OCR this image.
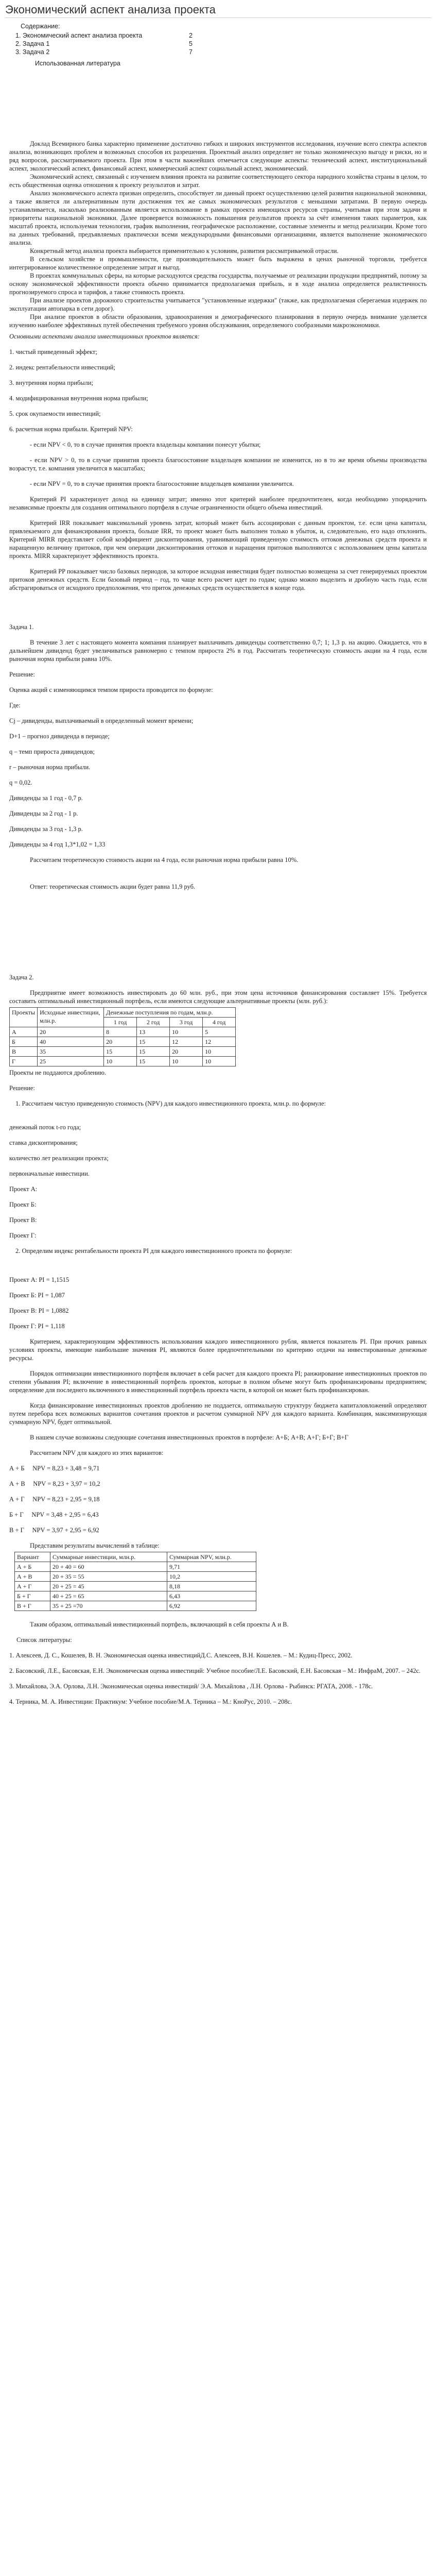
Экономический аспект анализа проекта
Содержание:
1.
Экономический аспект анализа проекта	2
2.
Задача 1	5
3.
Задача 2	7
Использованная литература

Доклад Всемирного банка характерно применение достаточно гибких и широких инструментов исследования, изучение всего спектра аспектов анализа, возникающих проблем и возможных способов их разрешения. Проектный анализ определяет не только экономическую выгоду и риски, но и ряд вопросов, рассматриваемого проекта. При этом в части важнейших отмечается следующие аспекты: технический аспект, институциональный аспект, экологический аспект, финансовый аспект, коммерческий аспект социальный аспект, экономический.

Экономический аспект, связанный с изучением влияния проекта на развитие соответствующего сектора народного хозяйства страны в целом, то есть общественная оценка отношения к проекту результатов и затрат.

Анализ экономического аспекта призван определить, способствует ли данный проект осуществлению целей развития национальной экономики, а также является ли альтернативным пути достижения тех же самых экономических результатов с меньшими затратами. В первую очередь устанавливается, насколько реализованным является использование в рамках проекта имеющихся ресурсов страны, учитывая при этом задачи и приоритеты национальной экономики. Далее проверяется возможность повышения результатов проекта за счёт изменения таких параметров, как масштаб проекта, используемая технология, график выполнения, географическое расположение, составные элементы и метод реализации. Кроме того на данных требований, предъявляемых практически всеми международными финансовыми организациями, является выполнение экономического анализа.

Конкретный метод анализа проекта выбирается применительно к условиям, развития рассматриваемой отрасли.

В сельском хозяйстве и промышленности, где производительность может быть выражена в ценах рыночной торговли, требуется интегрированное количественное определение затрат и выгод.

В проектах коммунальных сферы, на которые расходуются средства государства, получаемые от реализации продукции предприятий, потому за основу экономической эффективности проекта обычно принимается предполагаемая прибыль, и в ходе анализа определяется реалистичность прогнозируемого спроса и тарифов, а также стоимость проекта.

При анализе проектов дорожного строительства учитывается "установленные издержки" (также, как предполагаемая сберегаемая издержек по эксплуатации автопарка в сети дорог).

При анализе проектов в области образования, здравоохранения и демографического планирования в первую очередь внимание уделяется изучению наиболее эффективных путей обеспечения требуемого уровня обслуживания, определяемого сообразными макроэкономики.

Основными аспектами анализа инвестиционных проектов является:

1. чистый приведенный эффект;

2. индекс рентабельности инвестиций;

3. внутренняя норма прибыли;

4. модифицированная внутренняя норма прибыли;

5. срок окупаемости инвестиций;

6. расчетная норма прибыли. Критерий NPV:

- если NPV < 0, то в случае принятия проекта владельцы компании понесут убытки;

- если NPV > 0, то в случае принятия проекта благосостояние владельцев компании не изменится, но в то же время объемы производства возрастут, т.е. компания увеличится в масштабах;

- если NPV = 0, то в случае принятия проекта благосостояние владельцев компании увеличится.

Критерий PI характеризует доход на единицу затрат; именно этот критерий наиболее предпочтителен, когда необходимо упорядочить независимые проекты для создания оптимального портфеля в случае ограниченности общего объема инвестиций.

Критерий IRR показывает максимальный уровень затрат, который может быть ассоциирован с данным проектом, т.е. если цена капитала, привлекаемого для финансирования проекта, больше IRR, то проект может быть выполнен только в убыток, и, следовательно, его надо отклонить. Критерий MIRR представляет собой коэффициент дисконтирования, уравнивающий приведенную стоимость оттоков денежных средств проекта и наращенную величину притоков, при чем операции дисконтирования оттоков и наращения притоков выполняются с использованием цены капитала проекта. MIRR характеризует эффективность проекта.

Критерий PP показывает число базовых периодов, за которое исходная инвестиция будет полностью возмещена за счет генерируемых проектом притоков денежных средств. Если базовый период – год, то чаще всего расчет идет по годам; однако можно выделить и дробную часть года, если абстрагироваться от исходного предположения, что приток денежных средств осуществляется в конце года.

Задача 1.

В течение 3 лет с настоящего момента компания планирует выплачивать дивиденды соответственно 0,7; 1; 1,3 р. на акцию. Ожидается, что в дальнейшем дивиденд будет увеличиваться равномерно с темпом прироста 2% в год. Рассчитать теоретическую стоимость акции на 4 года, если рыночная норма прибыли равна 10%.

Решение:

Оценка акций с изменяющимся темпом прироста проводится по формуле:

Где:

Cj – дивиденды, выплачиваемый в определенный момент времени;

D+1 – прогноз дивиденда в периоде;

q – темп прироста дивидендов;

r – рыночная норма прибыли.

q = 0,02.

Дивиденды за 1 год - 0,7 р.

Дивиденды за 2 год - 1 р.

Дивиденды за 3 год - 1,3 р.

Дивиденды за 4 год 1,3*1,02 = 1,33

Рассчитаем теоретическую стоимость акции на 4 года, если рыночная норма прибыли равна 10%.

Ответ: теоретическая стоимость акции будет равна 11,9 руб.

Задача 2.

Предприятие имеет возможность инвестировать до 60 млн. руб., при этом цена источников финансирования составляет 15%. Требуется составить оптимальный инвестиционный портфель, если имеются следующие альтернативные проекты (млн. руб.):

Проекты	Исходные инвестиции, млн.р.	Денежные поступления по годам, млн.р.			
		1 год	2 год	3 год	4 год
А	20	8	13	10	5
Б	40	20	15	12	12
В	35	15	15	20	10
Г	25	10	15	10	10

Проекты не поддаются дроблению.

Решение:

1. Рассчитаем чистую приведенную стоимость (NPV) для каждого инвестиционного проекта, млн.р. по формуле:

денежный поток t-го года;

ставка дисконтирования;

количество лет реализации проекта;

первоначальные инвестиции.

Проект А:

Проект Б:

Проект В:

Проект Г:

2. Определим индекс рентабельности проекта PI для каждого инвестиционного проекта по формуле:

Проект А: PI = 1,1515

Проект Б: PI = 1,087

Проект В: PI = 1,0882

Проект Г: PI = 1,118

Критерием, характеризующим эффективность использования каждого инвестиционного рубля, является показатель PI. При прочих равных условиях проекты, имеющие наибольшие значения PI, являются более предпочтительными по критерию отдачи на инвестированные денежные ресурсы.

Порядок оптимизации инвестиционного портфеля включает в себя расчет для каждого проекта PI; ранжирование инвестиционных проектов по степени убывания PI; включение в инвестиционный портфель проектов, которые в полном объеме могут быть профинансированы предприятием; определение для последнего включенного в инвестиционный портфель проекта части, в которой он может быть профинансирован.

Когда финансирование инвестиционных проектов дроблению не поддается, оптимальную структуру бюджета капиталовложений определяют путем перебора всех возможных вариантов сочетания проектов и расчетом суммарной NPV для каждого варианта. Комбинация, максимизирующая суммарную NPV, будет оптимальной.

В нашем случае возможны следующие сочетания инвестиционных проектов в портфеле: А+Б; А+В; А+Г; Б+Г; В+Г

Рассчитаем NPV для каждого из этих вариантов:

А + Б     NPV = 8,23 + 3,48 = 9,71

А + В     NPV = 8,23 + 3,97 = 10,2

А + Г     NPV = 8,23 + 2,95 = 9,18

Б + Г     NPV = 3,48 + 2,95 = 6,43

В + Г     NPV = 3,97 + 2,95 = 6,92

Представим результаты вычислений в таблице:

Вариант	Суммарные инвестиции, млн.р.	Суммарная NPV, млн.р.
А + Б	20 + 40 = 60	9,71
А + В	20 + 35 = 55	10,2
А + Г	20 + 25 = 45	8,18
Б + Г	40 + 25 = 65	6,43
В + Г	35 + 25 =70	6,92

Таким образом, оптимальный инвестиционный портфель, включающий в себя проекты А и В.

Список литературы:

1. Алексеев, Д. С., Кошелев, В. Н. Экономическая оценка инвестицийД.С. Алексеев, В.Н. Кошелев. – М.: Кудиц-Пресс, 2002.

2. Басовский, Л.Е., Басовская, Е.Н. Экономическая оценка инвестиций: Учебное пособие/Л.Е. Басовский, Е.Н. Басовская – М.: ИнфраМ, 2007. – 242с.

3. Михайлова, Э.А. Орлова, Л.Н. Экономическая оценка инвестиций/ Э.А. Михайлова , Л.Н. Орлова - Рыбинск: РГАТА, 2008. - 178с.

4. Терника, М. А. Инвестиции: Практикум: Учебное пособие/М.А. Терника – М.: КноРус, 2010. – 208с.
